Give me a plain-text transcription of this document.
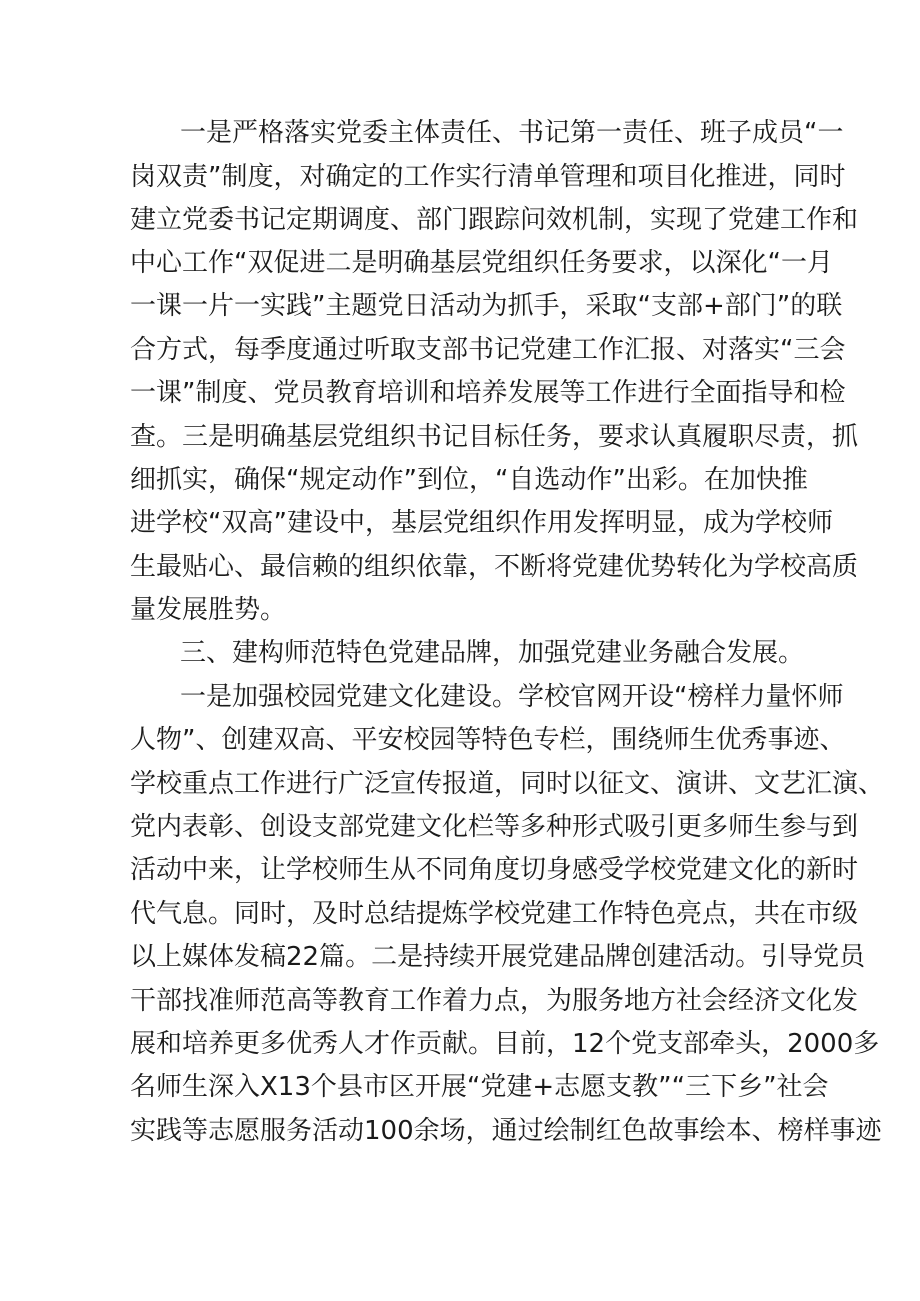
一是严格落实党委主体责任、书记第一责任、班子成员“一

岗双责”制度，对确定的工作实行清单管理和项目化推进，同时

建立党委书记定期调度、部门跟踪问效机制，实现了党建工作和

中心工作“双促进二是明确基层党组织任务要求，以深化“一月

一课一片一实践”主题党日活动为抓手，采取“支部+部门”的联

合方式，每季度通过听取支部书记党建工作汇报、对落实“三会

一课”制度、党员教育培训和培养发展等工作进行全面指导和检

查。三是明确基层党组织书记目标任务，要求认真履职尽责，抓

细抓实，确保“规定动作”到位，“自选动作”出彩。在加快推

进学校“双高”建设中，基层党组织作用发挥明显，成为学校师

生最贴心、最信赖的组织依靠，不断将党建优势转化为学校高质

量发展胜势。

三、建构师范特色党建品牌，加强党建业务融合发展。

一是加强校园党建文化建设。学校官网开设“榜样力量怀师

人物”、创建双高、平安校园等特色专栏，围绕师生优秀事迹、

学校重点工作进行广泛宣传报道，同时以征文、演讲、文艺汇演、

党内表彰、创设支部党建文化栏等多种形式吸引更多师生参与到

活动中来，让学校师生从不同角度切身感受学校党建文化的新时

代气息。同时，及时总结提炼学校党建工作特色亮点，共在市级

以上媒体发稿22篇。二是持续开展党建品牌创建活动。引导党员

干部找准师范高等教育工作着力点，为服务地方社会经济文化发

展和培养更多优秀人才作贡献。目前，12个党支部牵头，2000多

名师生深入X13个县市区开展“党建+志愿支教”“三下乡”社会

实践等志愿服务活动100余场，通过绘制红色故事绘本、榜样事迹
